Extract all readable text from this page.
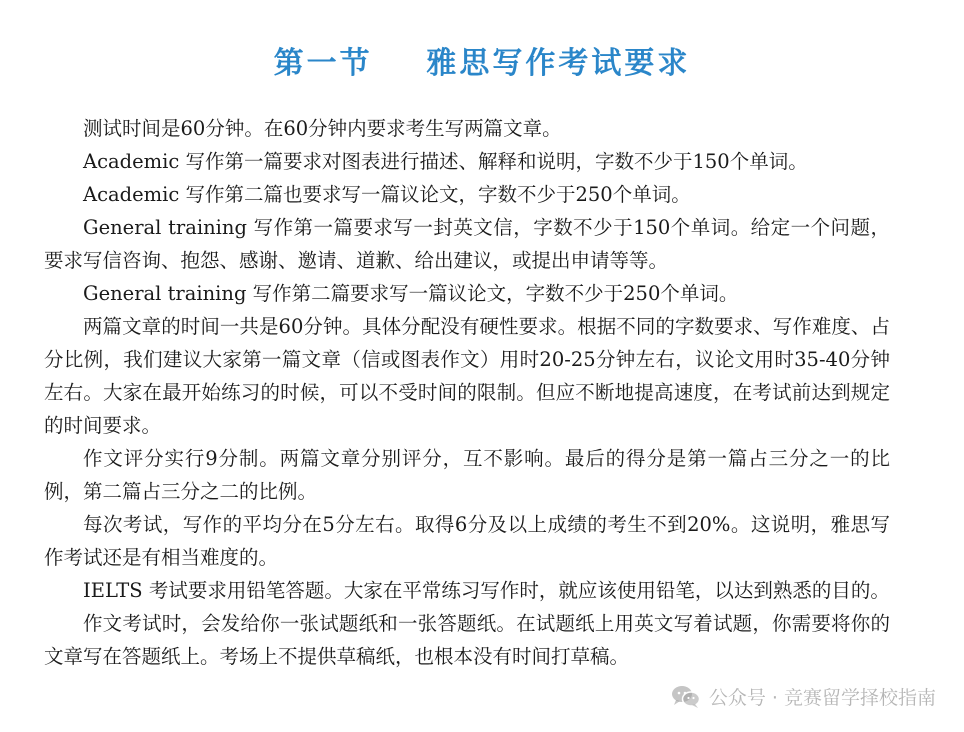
第一节    雅思写作考试要求

测试时间是60分钟。在60分钟内要求考生写两篇文章。

Academic 写作第一篇要求对图表进行描述、解释和说明，字数不少于150个单词。

Academic 写作第二篇也要求写一篇议论文，字数不少于250个单词。

General training 写作第一篇要求写一封英文信，字数不少于150个单词。给定一个问题，要求写信咨询、抱怨、感谢、邀请、道歉、给出建议，或提出申请等等。

General training 写作第二篇要求写一篇议论文，字数不少于250个单词。

两篇文章的时间一共是60分钟。具体分配没有硬性要求。根据不同的字数要求、写作难度、占分比例，我们建议大家第一篇文章（信或图表作文）用时20-25分钟左右，议论文用时35-40分钟左右。大家在最开始练习的时候，可以不受时间的限制。但应不断地提高速度，在考试前达到规定的时间要求。

作文评分实行9分制。两篇文章分别评分，互不影响。最后的得分是第一篇占三分之一的比例，第二篇占三分之二的比例。

每次考试，写作的平均分在5分左右。取得6分及以上成绩的考生不到20%。这说明，雅思写作考试还是有相当难度的。

IELTS 考试要求用铅笔答题。大家在平常练习写作时，就应该使用铅笔，以达到熟悉的目的。

作文考试时，会发给你一张试题纸和一张答题纸。在试题纸上用英文写着试题，你需要将你的文章写在答题纸上。考场上不提供草稿纸，也根本没有时间打草稿。

公众号 · 竞赛留学择校指南
